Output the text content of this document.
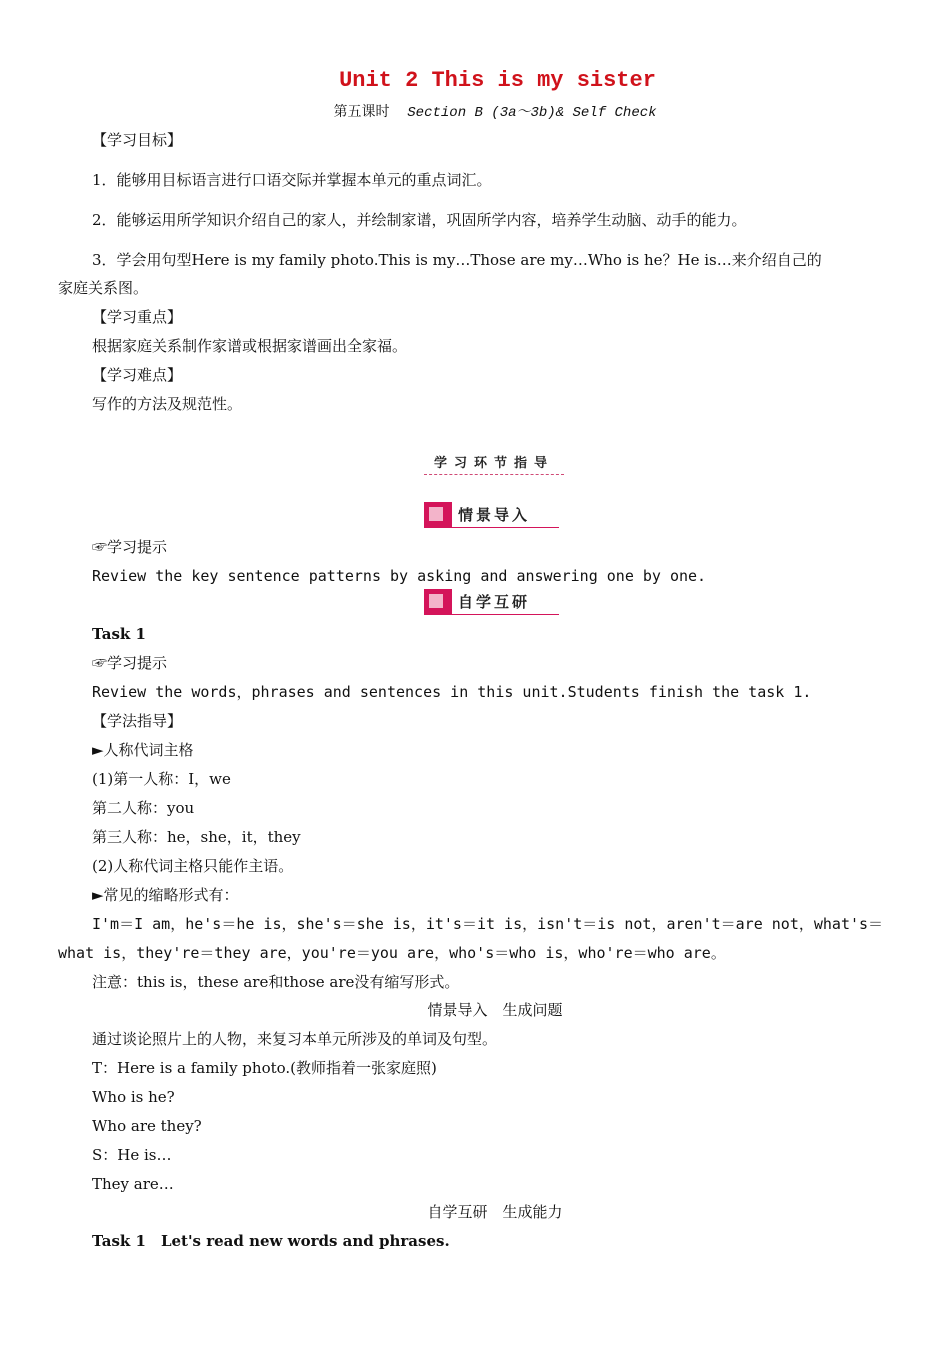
Unit 2 This is my sister
第五课时 Section B (3a～3b)& Self Check
【学习目标】
1．能够用目标语言进行口语交际并掌握本单元的重点词汇。
2．能够运用所学知识介绍自己的家人，并绘制家谱，巩固所学内容，培养学生动脑、动手的能力。
3．学会用句型Here is my family photo.This is my…Those are my…Who is he？He is…来介绍自己的
家庭关系图。
【学习重点】
根据家庭关系制作家谱或根据家谱画出全家福。
【学习难点】
写作的方法及规范性。
学习环节指导
情景导入
☞学习提示
Review the key sentence patterns by asking and answering one by one.
自学互研
Task 1
☞学习提示
Review the words，phrases and sentences in this unit.Students finish the task 1.
【学法指导】
►人称代词主格
(1)第一人称：I，we
第二人称：you
第三人称：he，she，it，they
(2)人称代词主格只能作主语。
►常见的缩略形式有：
I'm＝I am，he's＝he is，she's＝she is，it's＝it is，isn't＝is not，aren't＝are not，what's＝
what is，they're＝they are，you're＝you are，who's＝who is，who're＝who are。
注意：this is，these are和those are没有缩写形式。
情景导入　生成问题
通过谈论照片上的人物，来复习本单元所涉及的单词及句型。
T：Here is a family photo.(教师指着一张家庭照)
Who is he?
Who are they?
S：He is…
They are…
自学互研　生成能力
Task 1　Let's read new words and phrases.
